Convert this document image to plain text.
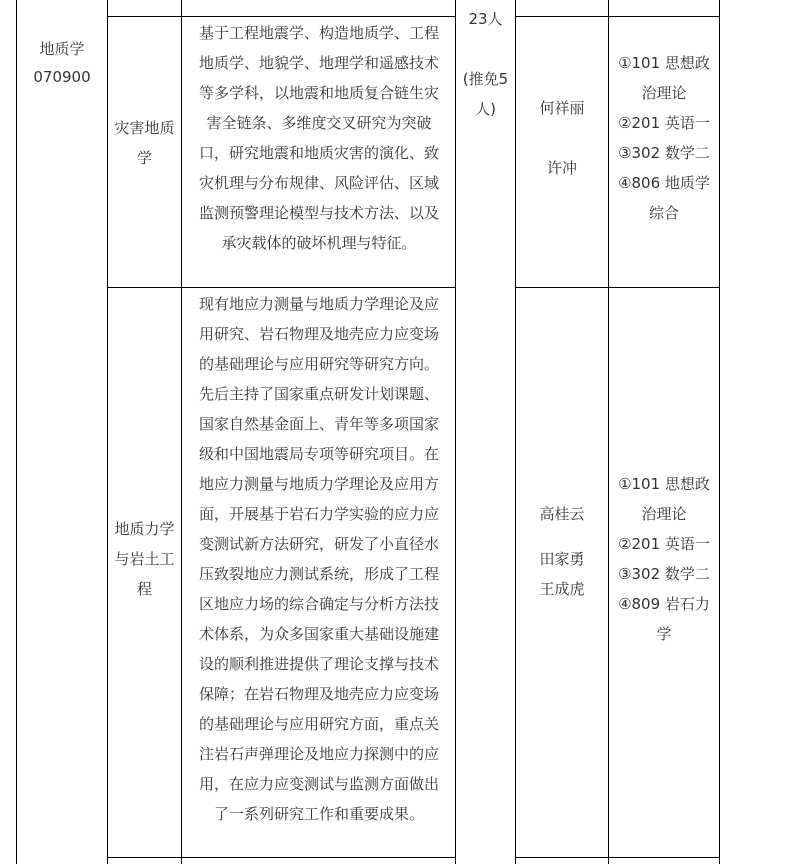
地质学
070900
23人
(推免5
人)
灾害地质
学
基于工程地震学、构造地质学、工程
地质学、地貌学、地理学和遥感技术
等多学科，以地震和地质复合链生灾
害全链条、多维度交叉研究为突破
口，研究地震和地质灾害的演化、致
灾机理与分布规律、风险评估、区域
监测预警理论模型与技术方法、以及
承灾载体的破坏机理与特征。
何祥丽
许冲
①101 思想政
治理论
②201 英语一
③302 数学二
④806 地质学
综合
地质力学
与岩土工
程
现有地应力测量与地质力学理论及应
用研究、岩石物理及地壳应力应变场
的基础理论与应用研究等研究方向。
先后主持了国家重点研发计划课题、
国家自然基金面上、青年等多项国家
级和中国地震局专项等研究项目。在
地应力测量与地质力学理论及应用方
面，开展基于岩石力学实验的应力应
变测试新方法研究，研发了小直径水
压致裂地应力测试系统，形成了工程
区地应力场的综合确定与分析方法技
术体系，为众多国家重大基础设施建
设的顺利推进提供了理论支撑与技术
保障；在岩石物理及地壳应力应变场
的基础理论与应用研究方面，重点关
注岩石声弹理论及地应力探测中的应
用，在应力应变测试与监测方面做出
了一系列研究工作和重要成果。
高桂云
田家勇
王成虎
①101 思想政
治理论
②201 英语一
③302 数学二
④809 岩石力
学
